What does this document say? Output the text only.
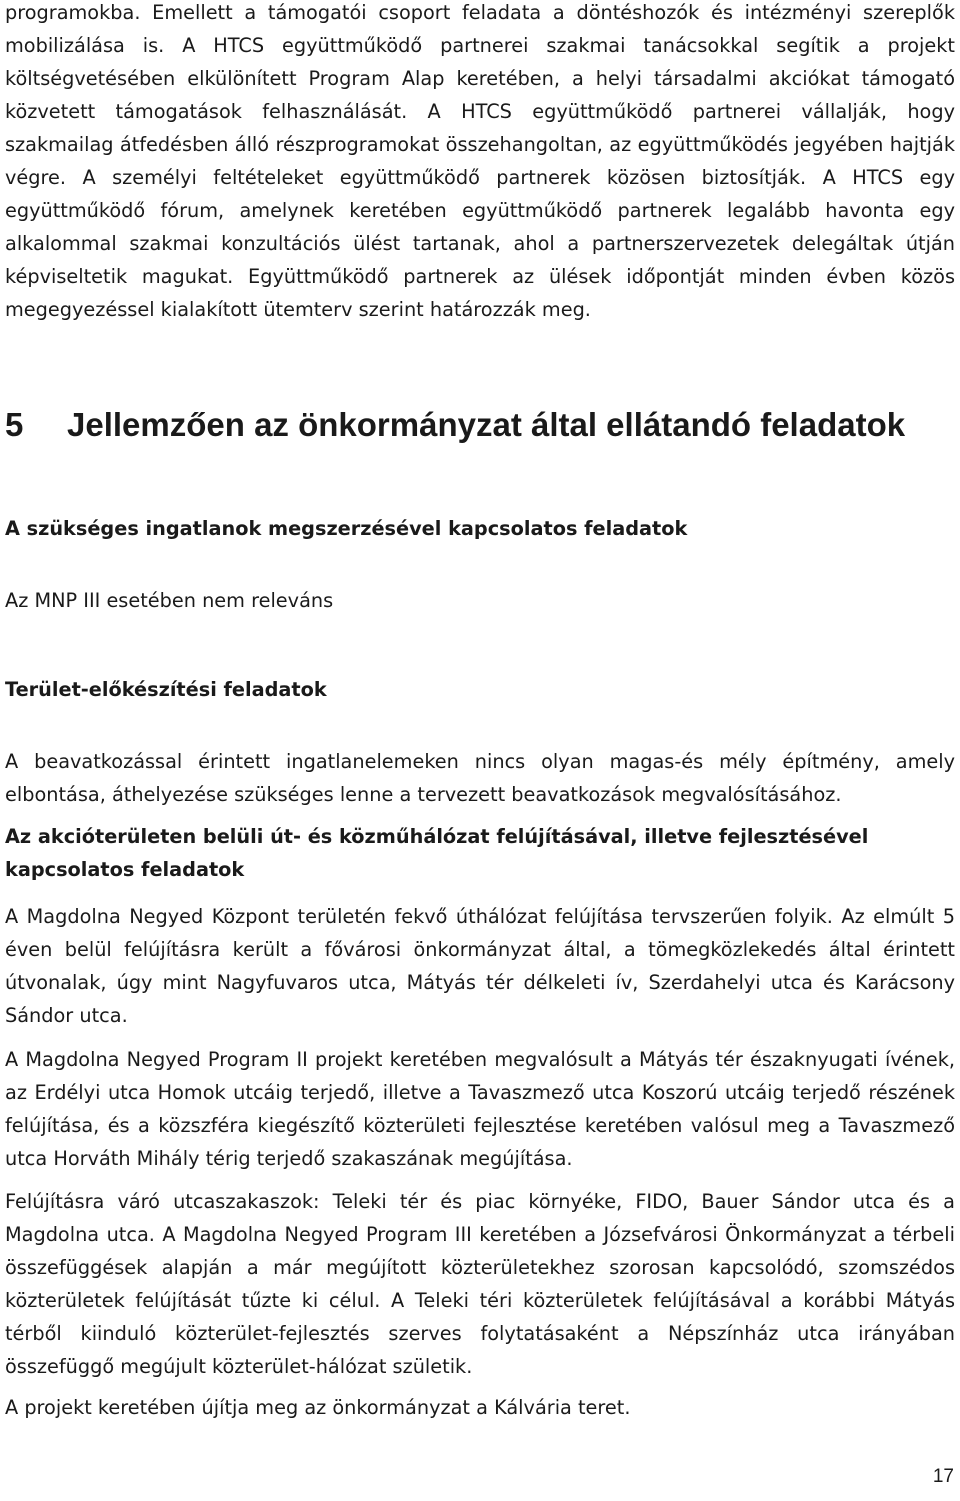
programokba. Emellett a támogatói csoport feladata a döntéshozók és intézményi szereplők mobilizálása is. A HTCS együttműködő partnerei szakmai tanácsokkal segítik a projekt költségvetésében elkülönített Program Alap keretében, a helyi társadalmi akciókat támogató közvetett támogatások felhasználását. A HTCS együttműködő partnerei vállalják, hogy szakmailag átfedésben álló részprogramokat összehangoltan, az együttműködés jegyében hajtják végre. A személyi feltételeket együttműködő partnerek közösen biztosítják. A HTCS egy együttműködő fórum, amelynek keretében együttműködő partnerek legalább havonta egy alkalommal szakmai konzultációs ülést tartanak, ahol a partnerszervezetek delegáltak útján képviseltetik magukat. Együttműködő partnerek az ülések időpontját minden évben közös megegyezéssel kialakított ütemterv szerint határozzák meg.

5 Jellemzően az önkormányzat által ellátandó feladatok
A szükséges ingatlanok megszerzésével kapcsolatos feladatok

Az MNP III esetében nem releváns

Terület-előkészítési feladatok

A beavatkozással érintett ingatlanelemeken nincs olyan magas-és mély építmény, amely elbontása, áthelyezése szükséges lenne a tervezett beavatkozások megvalósításához.

Az akcióterületen belüli út- és közműhálózat felújításával, illetve fejlesztésével kapcsolatos feladatok

A Magdolna Negyed Központ területén fekvő úthálózat felújítása tervszerűen folyik. Az elmúlt 5 éven belül felújításra került a fővárosi önkormányzat által, a tömegközlekedés által érintett útvonalak, úgy mint Nagyfuvaros utca, Mátyás tér délkeleti ív, Szerdahelyi utca és Karácsony Sándor utca.

A Magdolna Negyed Program II projekt keretében megvalósult a Mátyás tér északnyugati ívének, az Erdélyi utca Homok utcáig terjedő, illetve a Tavaszmező utca Koszorú utcáig terjedő részének felújítása, és a közszféra kiegészítő közterületi fejlesztése keretében valósul meg a Tavaszmező utca Horváth Mihály térig terjedő szakaszának megújítása.

Felújításra váró utcaszakaszok: Teleki tér és piac környéke, FIDO, Bauer Sándor utca és a Magdolna utca. A Magdolna Negyed Program III keretében a Józsefvárosi Önkormányzat a térbeli összefüggések alapján a már megújított közterületekhez szorosan kapcsolódó, szomszédos közterületek felújítását tűzte ki célul. A Teleki téri közterületek felújításával a korábbi Mátyás térből kiinduló közterület-fejlesztés szerves folytatásaként a Népszínház utca irányában összefüggő megújult közterület-hálózat születik.

A projekt keretében újítja meg az önkormányzat a Kálvária teret.

17
